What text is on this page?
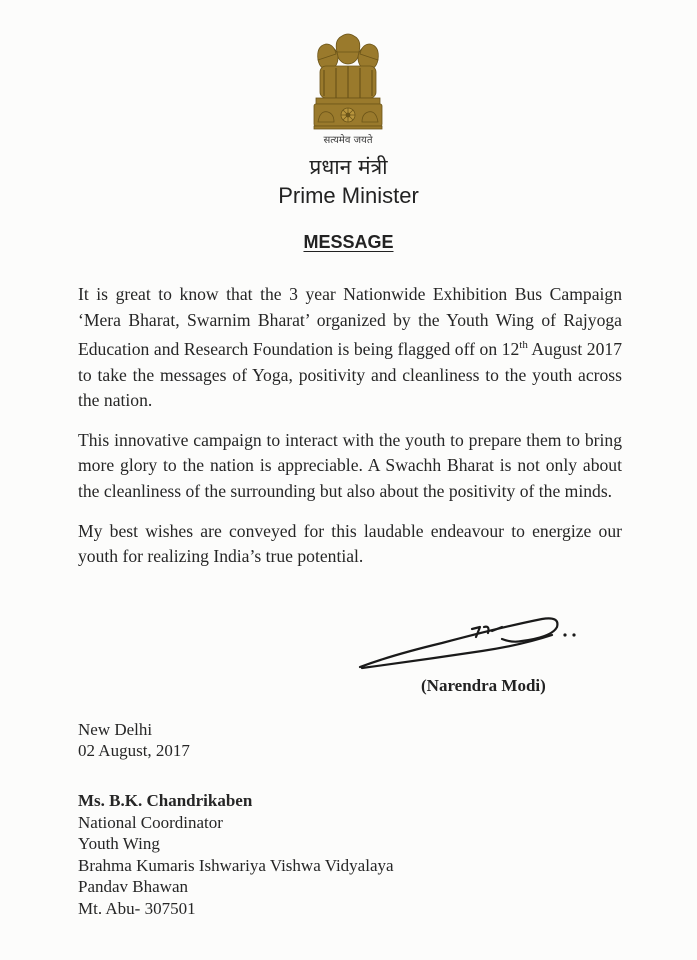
सत्यमेव जयते
प्रधान मंत्री
Prime Minister
MESSAGE

It is great to know that the 3 year Nationwide Exhibition Bus Campaign ‘Mera Bharat, Swarnim Bharat’ organized by the Youth Wing of Rajyoga Education and Research Foundation is being flagged off on 12th August 2017 to take the messages of Yoga, positivity and cleanliness to the youth across the nation.

This innovative campaign to interact with the youth to prepare them to bring more glory to the nation is appreciable. A Swachh Bharat is not only about the cleanliness of the surrounding but also about the positivity of the minds.

My best wishes are conveyed for this laudable endeavour to energize our youth for realizing India’s true potential.

(Narendra Modi)
New Delhi
02 August, 2017
Ms. B.K. Chandrikaben
National Coordinator
Youth Wing
Brahma Kumaris Ishwariya Vishwa Vidyalaya
Pandav Bhawan
Mt. Abu- 307501
